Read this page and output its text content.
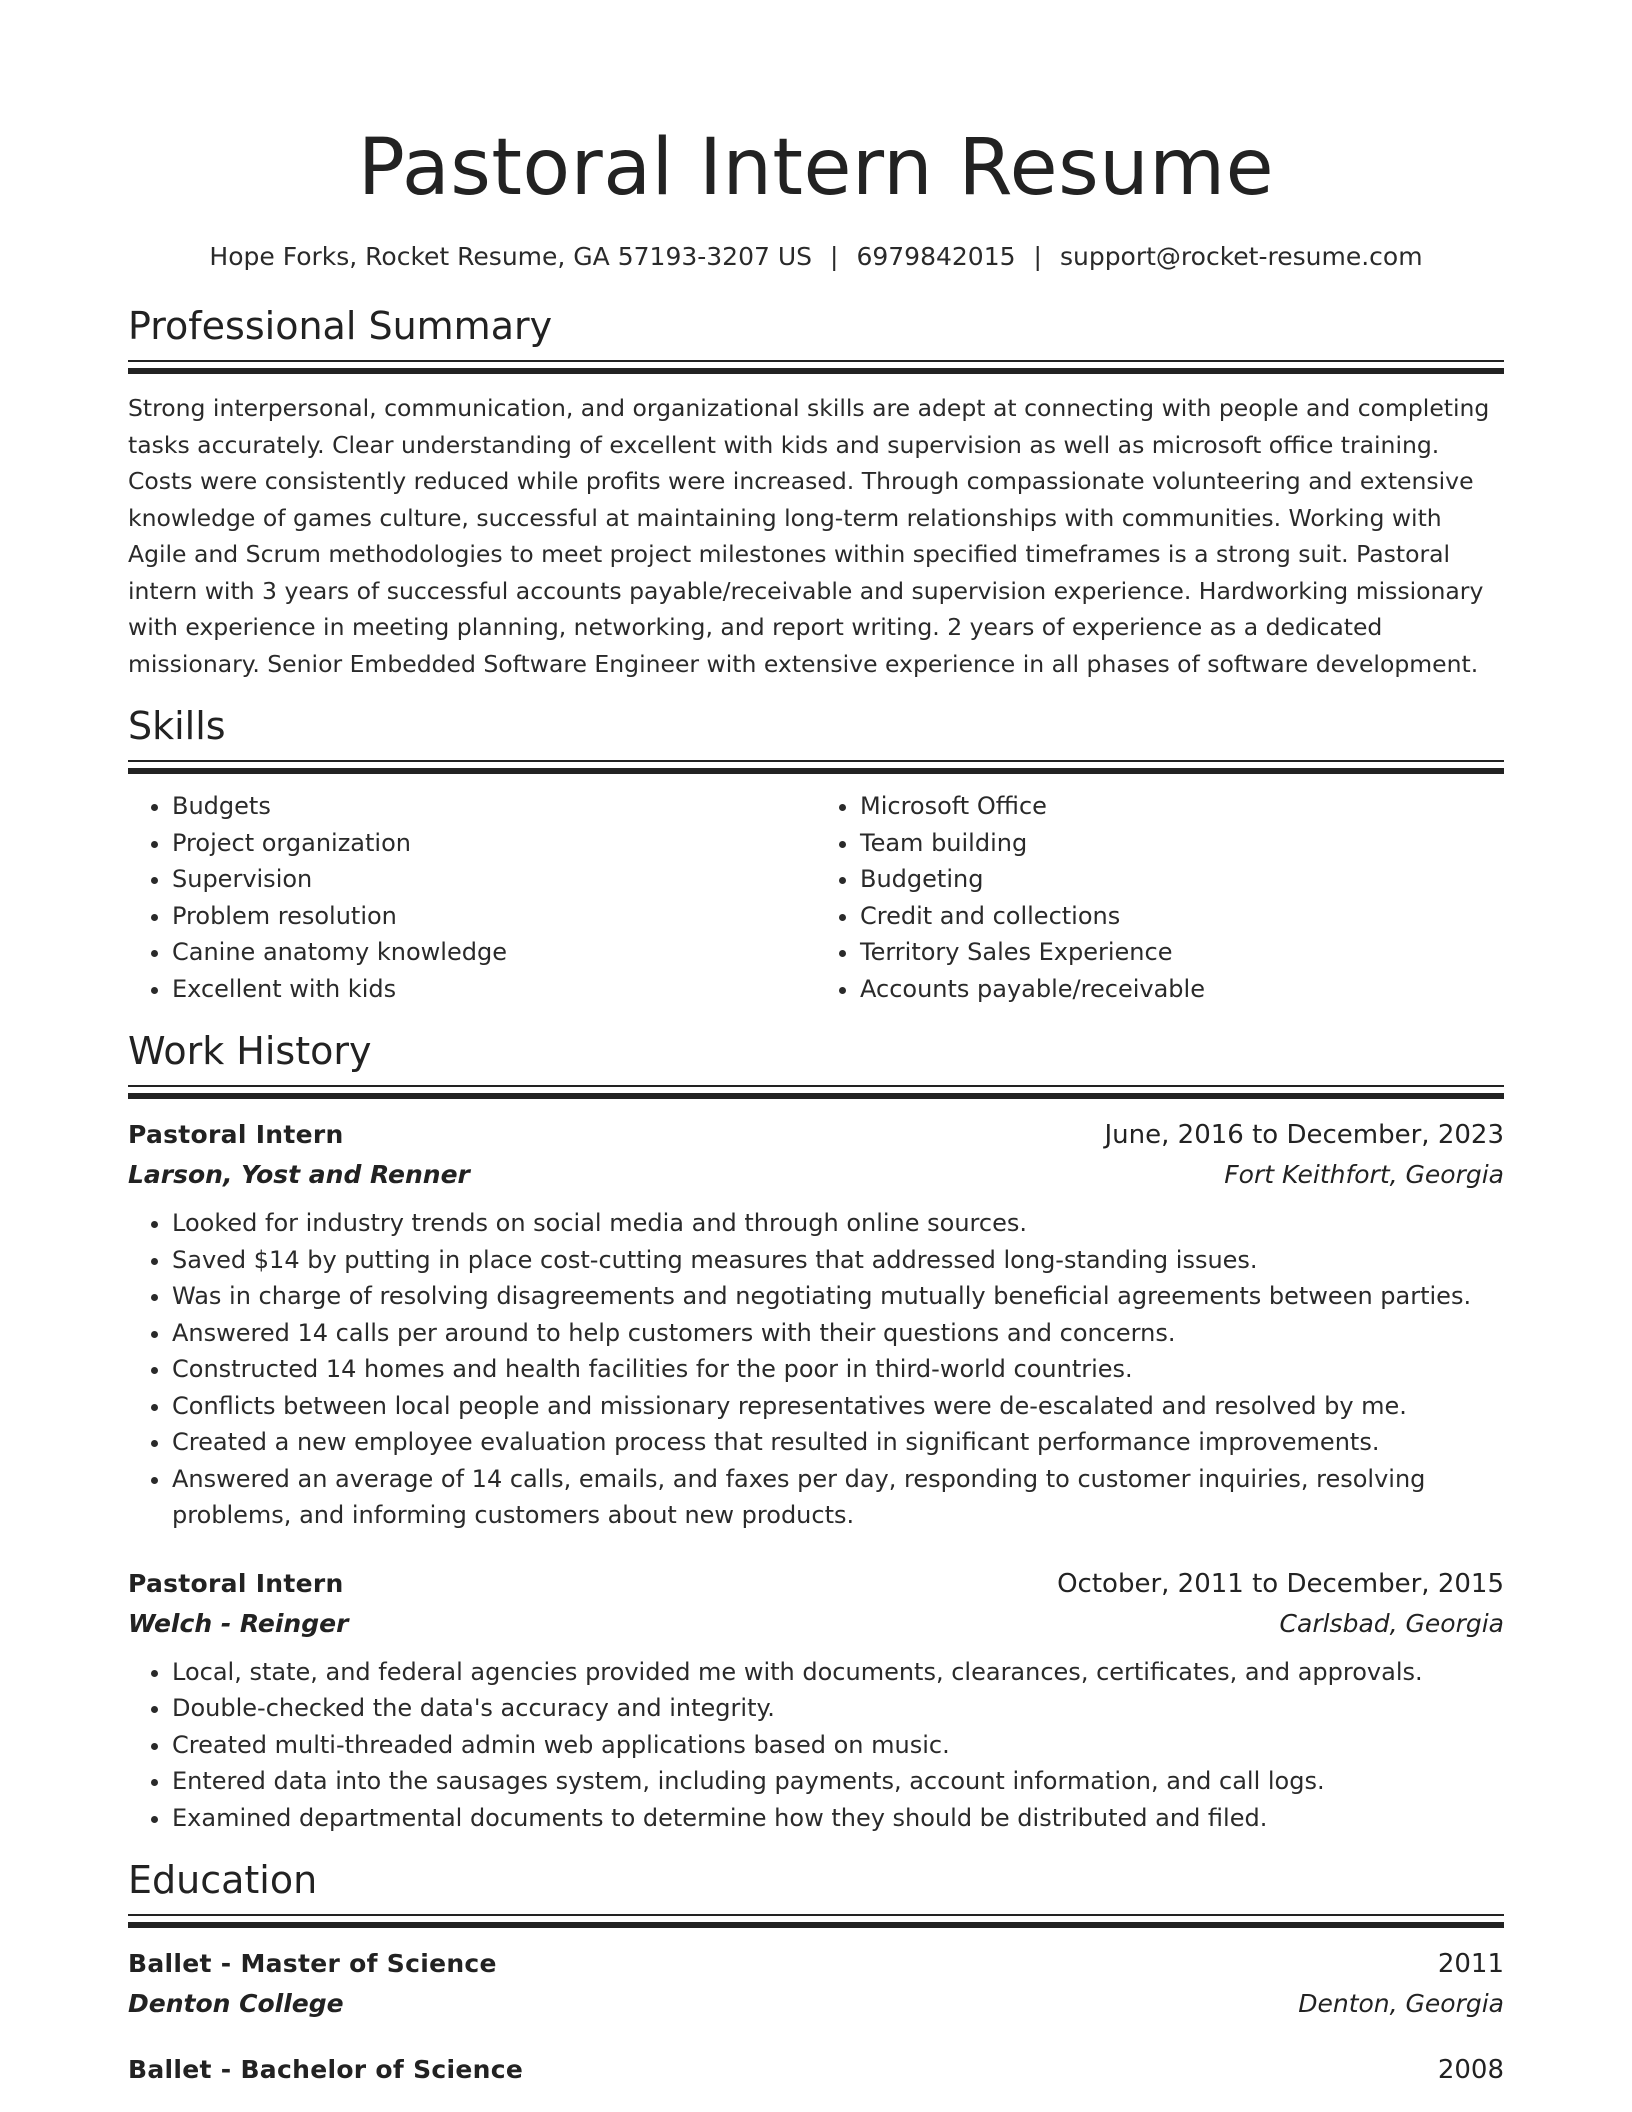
Pastoral Intern Resume
Hope Forks, Rocket Resume, GA 57193-3207 US | 6979842015 | support@rocket-resume.com
Professional Summary

Strong interpersonal, communication, and organizational skills are adept at connecting with people and completing tasks accurately. Clear understanding of excellent with kids and supervision as well as microsoft office training. Costs were consistently reduced while profits were increased. Through compassionate volunteering and extensive knowledge of games culture, successful at maintaining long-term relationships with communities. Working with Agile and Scrum methodologies to meet project milestones within specified timeframes is a strong suit. Pastoral intern with 3 years of successful accounts payable/receivable and supervision experience. Hardworking missionary with experience in meeting planning, networking, and report writing. 2 years of experience as a dedicated missionary. Senior Embedded Software Engineer with extensive experience in all phases of software development.

Skills
• Budgets
• Project organization
• Supervision
• Problem resolution
• Canine anatomy knowledge
• Excellent with kids
• Microsoft Office
• Team building
• Budgeting
• Credit and collections
• Territory Sales Experience
• Accounts payable/receivable
Work History
Pastoral Intern	June, 2016 to December, 2023
Larson, Yost and Renner	Fort Keithfort, Georgia
• Looked for industry trends on social media and through online sources.
• Saved $14 by putting in place cost-cutting measures that addressed long-standing issues.
• Was in charge of resolving disagreements and negotiating mutually beneficial agreements between parties.
• Answered 14 calls per around to help customers with their questions and concerns.
• Constructed 14 homes and health facilities for the poor in third-world countries.
• Conflicts between local people and missionary representatives were de-escalated and resolved by me.
• Created a new employee evaluation process that resulted in significant performance improvements.
• Answered an average of 14 calls, emails, and faxes per day, responding to customer inquiries, resolving problems, and informing customers about new products.
Pastoral Intern	October, 2011 to December, 2015
Welch - Reinger	Carlsbad, Georgia
• Local, state, and federal agencies provided me with documents, clearances, certificates, and approvals.
• Double-checked the data's accuracy and integrity.
• Created multi-threaded admin web applications based on music.
• Entered data into the sausages system, including payments, account information, and call logs.
• Examined departmental documents to determine how they should be distributed and filed.
Education
Ballet - Master of Science	2011
Denton College	Denton, Georgia
Ballet - Bachelor of Science	2008
